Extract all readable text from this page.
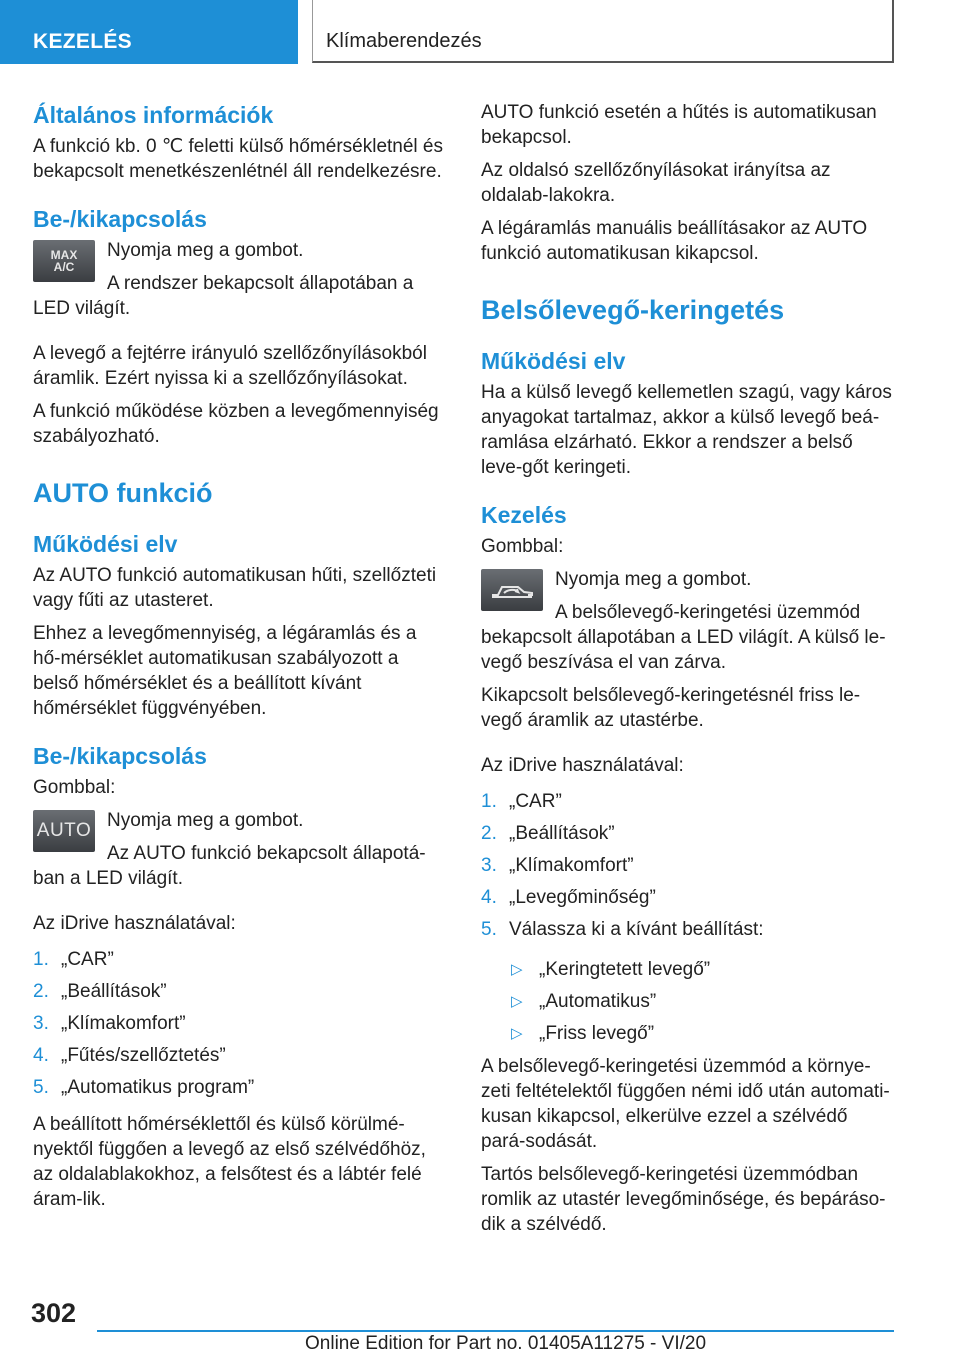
KEZELÉS	Klímaberendezés
Általános információk

A funkció kb. 0 ℃ feletti külső hőmérsékletnél és bekapcsolt menetkészenlétnél áll rendelkezésre.

Be-/kikapcsolás
MAX A/C

Nyomja meg a gombot.

A rendszer bekapcsolt állapotában a LED világít.

A levegő a fejtérre irányuló szellőzőnyílásokból áramlik. Ezért nyissa ki a szellőzőnyílásokat.

A funkció működése közben a levegőmennyiség szabályozható.

AUTO funkció
Működési elv

Az AUTO funkció automatikusan hűti, szellőzteti vagy fűti az utasteret.

Ehhez a levegőmennyiség, a légáramlás és a hő-mérséklet automatikusan szabályozott a belső hőmérséklet és a beállított kívánt hőmérséklet függvényében.

Be-/kikapcsolás

Gombbal:

AUTO Nyomja meg a gombot.

Az AUTO funkció bekapcsolt állapotá-ban a LED világít.

Az iDrive használatával:

1. „CAR”
2. „Beállítások”
3. „Klímakomfort”
4. „Fűtés/szellőztetés”
5. „Automatikus program”

A beállított hőmérséklettől és külső körülmé-nyektől függően a levegő az első szélvédőhöz, az oldalablakokhoz, a felsőtest és a lábtér felé áram-lik.

AUTO funkció esetén a hűtés is automatikusan bekapcsol.

Az oldalsó szellőzőnyílásokat irányítsa az oldalab-lakokra.

A légáramlás manuális beállításakor az AUTO funkció automatikusan kikapcsol.

Belsőlevegő-keringetés
Működési elv

Ha a külső levegő kellemetlen szagú, vagy káros anyagokat tartalmaz, akkor a külső levegő beá-ramlása elzárható. Ekkor a rendszer a belső leve-gőt keringeti.

Kezelés

Gombbal:

Nyomja meg a gombot.

A belsőlevegő-keringetési üzemmód bekapcsolt állapotában a LED világít. A külső le-vegő beszívása el van zárva.

Kikapcsolt belsőlevegő-keringetésnél friss le-vegő áramlik az utastérbe.

Az iDrive használatával:

1. „CAR”
2. „Beállítások”
3. „Klímakomfort”
4. „Levegőminőség”
5. Válassza ki a kívánt beállítást:
▷ „Keringtetett levegő”
▷ „Automatikus”
▷ „Friss levegő”

A belsőlevegő-keringetési üzemmód a környe-zeti feltételektől függően némi idő után automati-kusan kikapcsol, elkerülve ezzel a szélvédő pará-sodását.

Tartós belsőlevegő-keringetési üzemmódban romlik az utastér levegőminősége, és bepáráso-dik a szélvédő.

302
Online Edition for Part no. 01405A11275 - VI/20
